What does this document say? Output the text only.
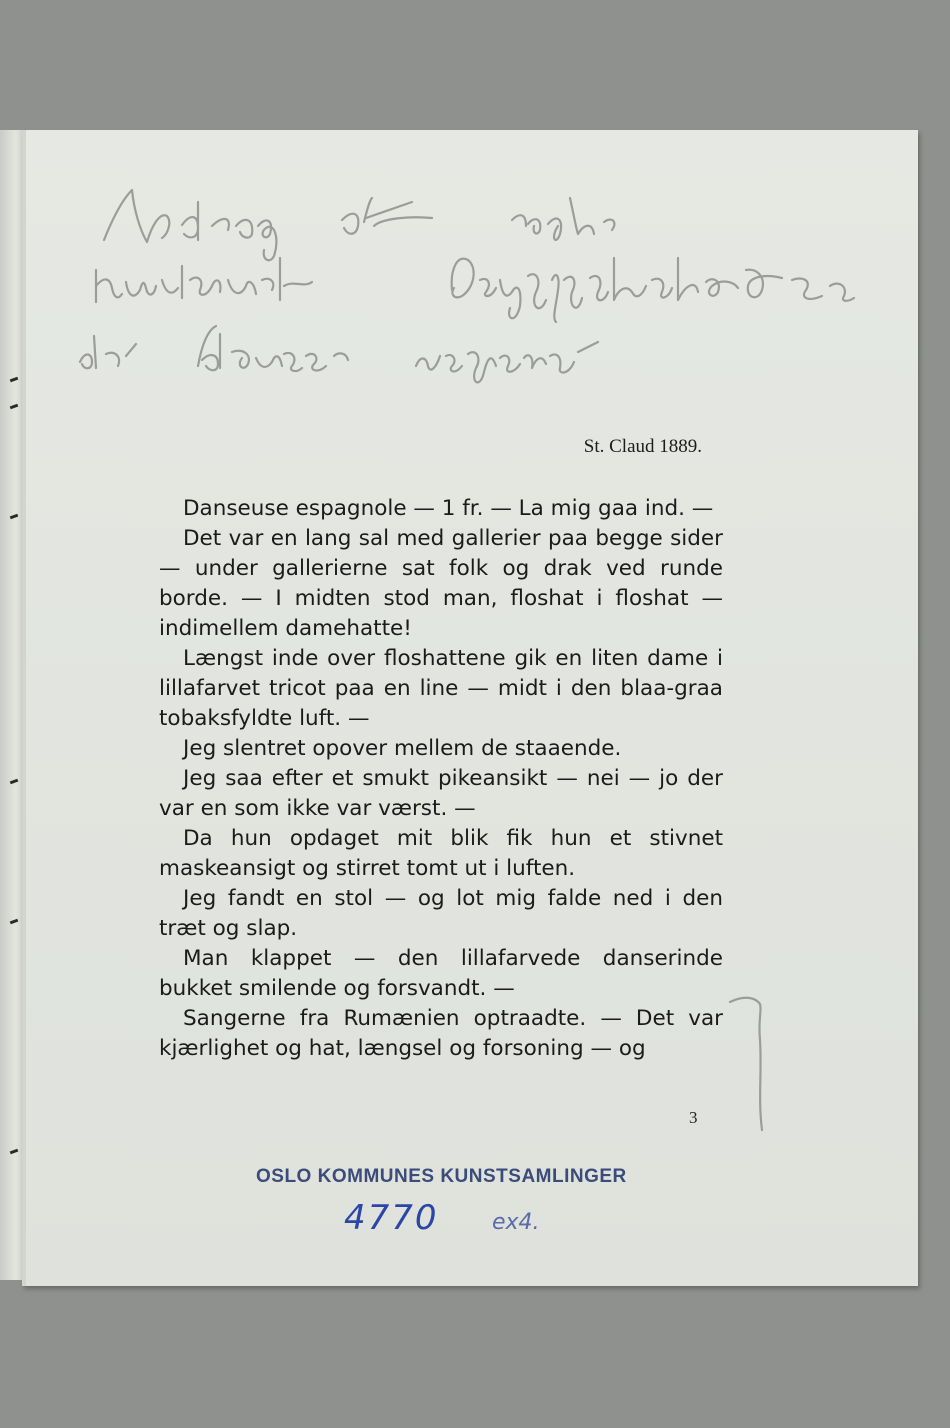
St. Claud 1889.

Danseuse espagnole — 1 fr. — La mig gaa ind. —

Det var en lang sal med gallerier paa begge sider — under gallerierne sat folk og drak ved runde borde. — I midten stod man, floshat i floshat — indimellem damehatte!

Længst inde over floshattene gik en liten dame i lillafarvet tricot paa en line — midt i den blaa-graa tobaksfyldte luft. —

Jeg slentret opover mellem de staaende.

Jeg saa efter et smukt pikeansikt — nei — jo der var en som ikke var værst. —

Da hun opdaget mit blik fik hun et stivnet maskeansigt og stirret tomt ut i luften.

Jeg fandt en stol — og lot mig falde ned i den træt og slap.

Man klappet — den lillafarvede danserinde bukket smilende og forsvandt. —

Sangerne fra Rumænien optraadte. — Det var kjærlighet og hat, længsel og forsoning — og

3
OSLO KOMMUNES KUNSTSAMLINGER
4770 ex4.
